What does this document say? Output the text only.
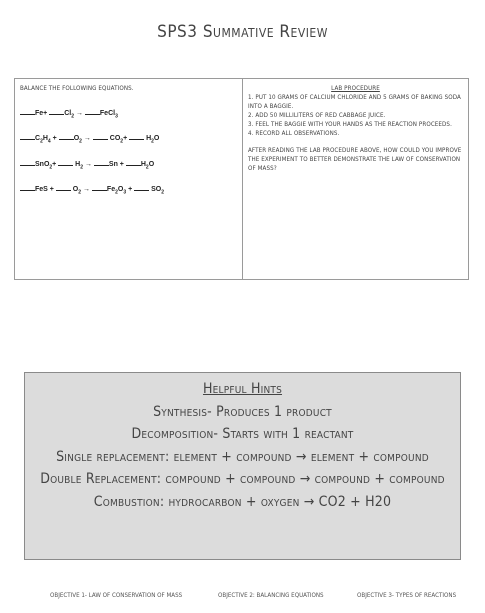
SPS3 Summative Review
BALANCE THE FOLLOWING EQUATIONS.
$Fe+ Cl_2$ → FeCl$_3$
$C_2H_4 + O_2$ →	$CO_2+$	$H_2O$
SnO$_2$+	$H_2 \to Sn + H_2O$
FeS +	$O_2 \to Fe_2O_3$ +	$SO_2$
LAB PROCEDURE
1. PUT 10 GRAMS OF CALCIUM CHLORIDE AND 5 GRAMS OF BAKING SODA INTO A BAGGIE.
2. ADD 50 MILLILITERS OF RED CABBAGE JUICE.
3. FEEL THE BAGGIE WITH YOUR HANDS AS THE REACTION PROCEEDS.
4. RECORD ALL OBSERVATIONS.
AFTER READING THE LAB PROCEDURE ABOVE, HOW COULD YOU IMPROVE THE EXPERIMENT TO BETTER DEMONSTRATE THE LAW OF CONSERVATION OF MASS?
Helpful Hints
Synthesis- Produces 1 product
Decomposition- Starts with 1 reactant
Single replacement: element + compound → element + compound
Double Replacement: compound + compound → compound + compound
Combustion: hydrocarbon + oxygen → CO2 + H20
OBJECTIVE 1- LAW OF CONSERVATION OF MASS	OBJECTIVE 2: BALANCING EQUATIONS	OBJECTIVE 3- TYPES OF REACTIONS
